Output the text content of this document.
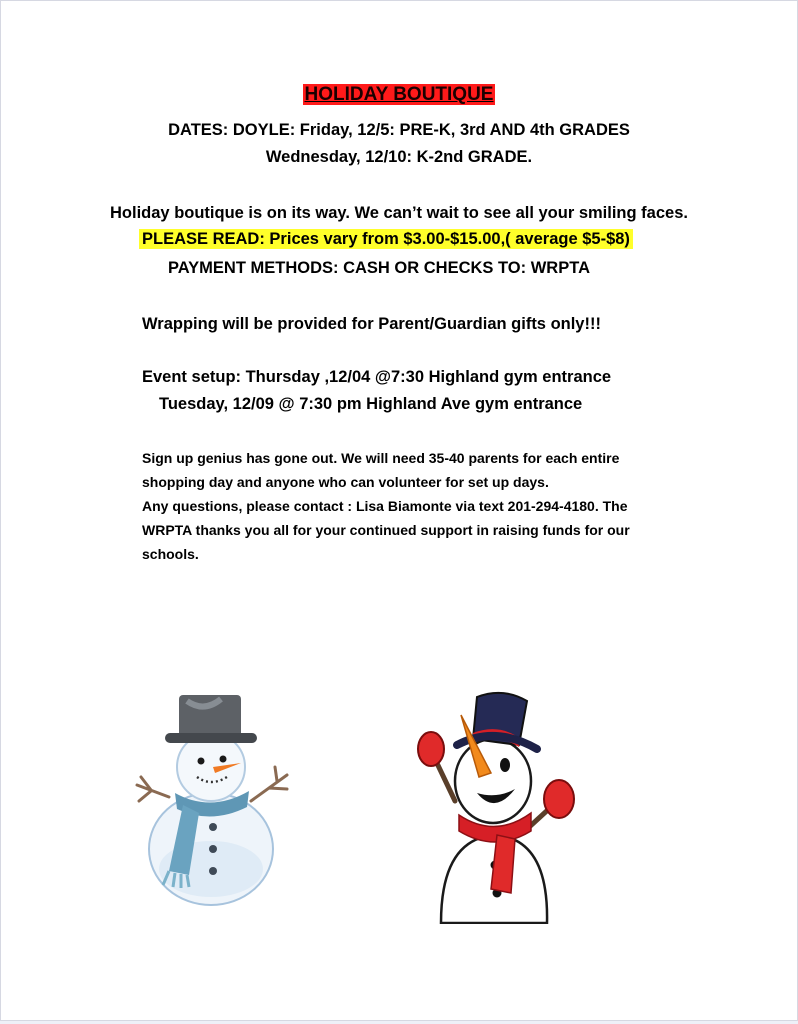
HOLIDAY BOUTIQUE
DATES: DOYLE: Friday, 12/5: PRE-K, 3rd AND 4th GRADES
Wednesday, 12/10: K-2nd GRADE.
Holiday boutique is on its way. We can’t wait to see all your smiling faces.
PLEASE READ: Prices vary from $3.00-$15.00,( average $5-$8)
PAYMENT METHODS: CASH OR CHECKS TO: WRPTA
Wrapping will be provided for Parent/Guardian gifts only!!!
Event setup: Thursday ,12/04 @7:30 Highland gym entrance
Tuesday, 12/09 @ 7:30 pm Highland Ave gym entrance
Sign up genius has gone out. We will need 35-40 parents for each entire
shopping day and anyone who can volunteer for set up days.
Any questions, please contact : Lisa Biamonte via text 201-294-4180. The
WRPTA thanks you all for your continued support in raising funds for our
schools.
